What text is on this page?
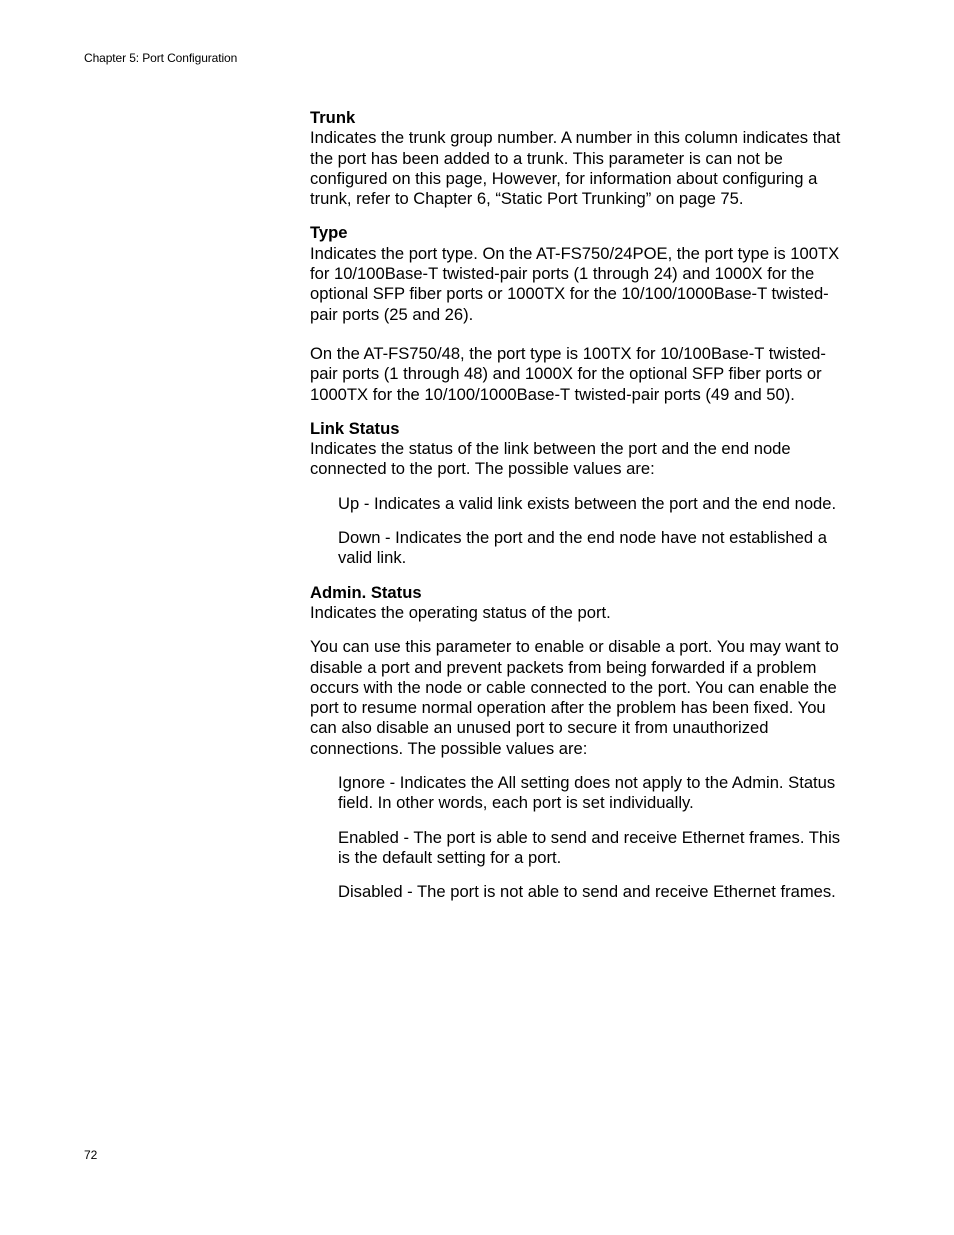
Chapter 5: Port Configuration

Trunk

Indicates the trunk group number. A number in this column indicates that the port has been added to a trunk. This parameter is can not be configured on this page, However, for information about configuring a trunk, refer to Chapter 6, “Static Port Trunking” on page 75.

Type

Indicates the port type. On the AT-FS750/24POE, the port type is 100TX for 10/100Base-T twisted-pair ports (1 through 24) and 1000X for the optional SFP fiber ports or 1000TX for the 10/100/1000Base-T twisted-pair ports (25 and 26).

On the AT-FS750/48, the port type is 100TX for 10/100Base-T twisted-pair ports (1 through 48) and 1000X for the optional SFP fiber ports or 1000TX for the 10/100/1000Base-T twisted-pair ports (49 and 50).

Link Status

Indicates the status of the link between the port and the end node connected to the port. The possible values are:

Up - Indicates a valid link exists between the port and the end node.

Down - Indicates the port and the end node have not established a valid link.

Admin. Status

Indicates the operating status of the port.

You can use this parameter to enable or disable a port. You may want to disable a port and prevent packets from being forwarded if a problem occurs with the node or cable connected to the port. You can enable the port to resume normal operation after the problem has been fixed. You can also disable an unused port to secure it from unauthorized connections. The possible values are:

Ignore - Indicates the All setting does not apply to the Admin. Status field. In other words, each port is set individually.

Enabled - The port is able to send and receive Ethernet frames. This is the default setting for a port.

Disabled - The port is not able to send and receive Ethernet frames.

72
